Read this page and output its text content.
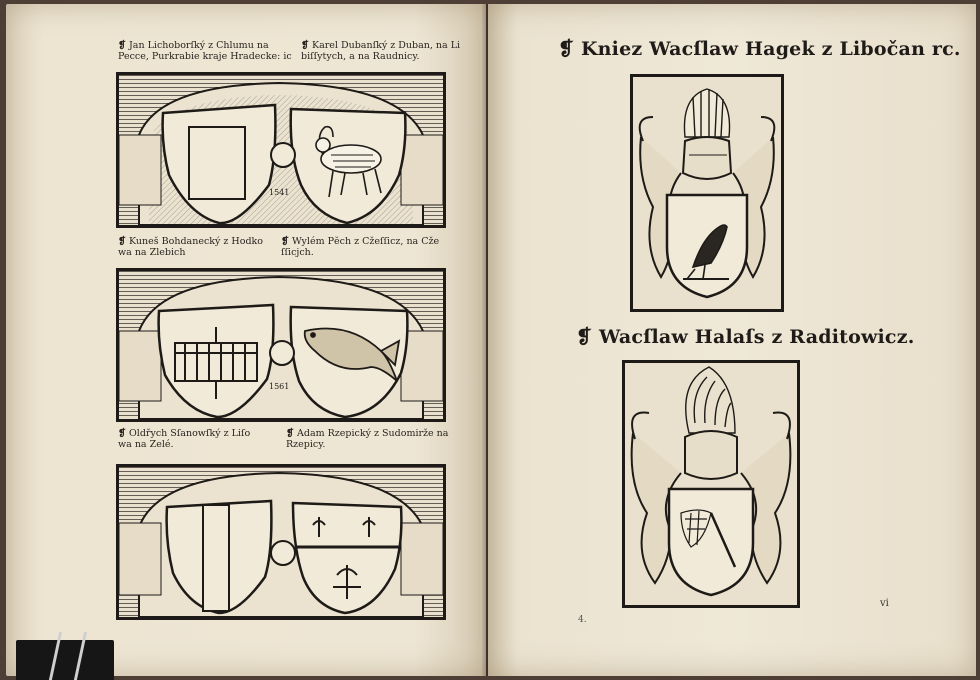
❡ Jan Lichoborſký z Chlumu na
Pecce, Purkrabie kraje Hradecke: ic
❡ Karel Dubanſký z Duban, na Li
biſſytych, a na Raudnicy.
1541
❡ Kuneš Bohdanecký z Hodko
wa na Zlebich
❡ Wylém Pĕch z Cžeſſicz, na Cže
ſſicjch.
1561
❡ Oldřych Sſanowſký z Liſo
wa na Zelé.
❡ Adam Rzepický z Sudomirže na
Rzepicy.
❡ Kniez Wacſlaw Hagek z Libočan rc.
❡ Wacſlaw Halaſs z Raditowicz.
4.
vi
